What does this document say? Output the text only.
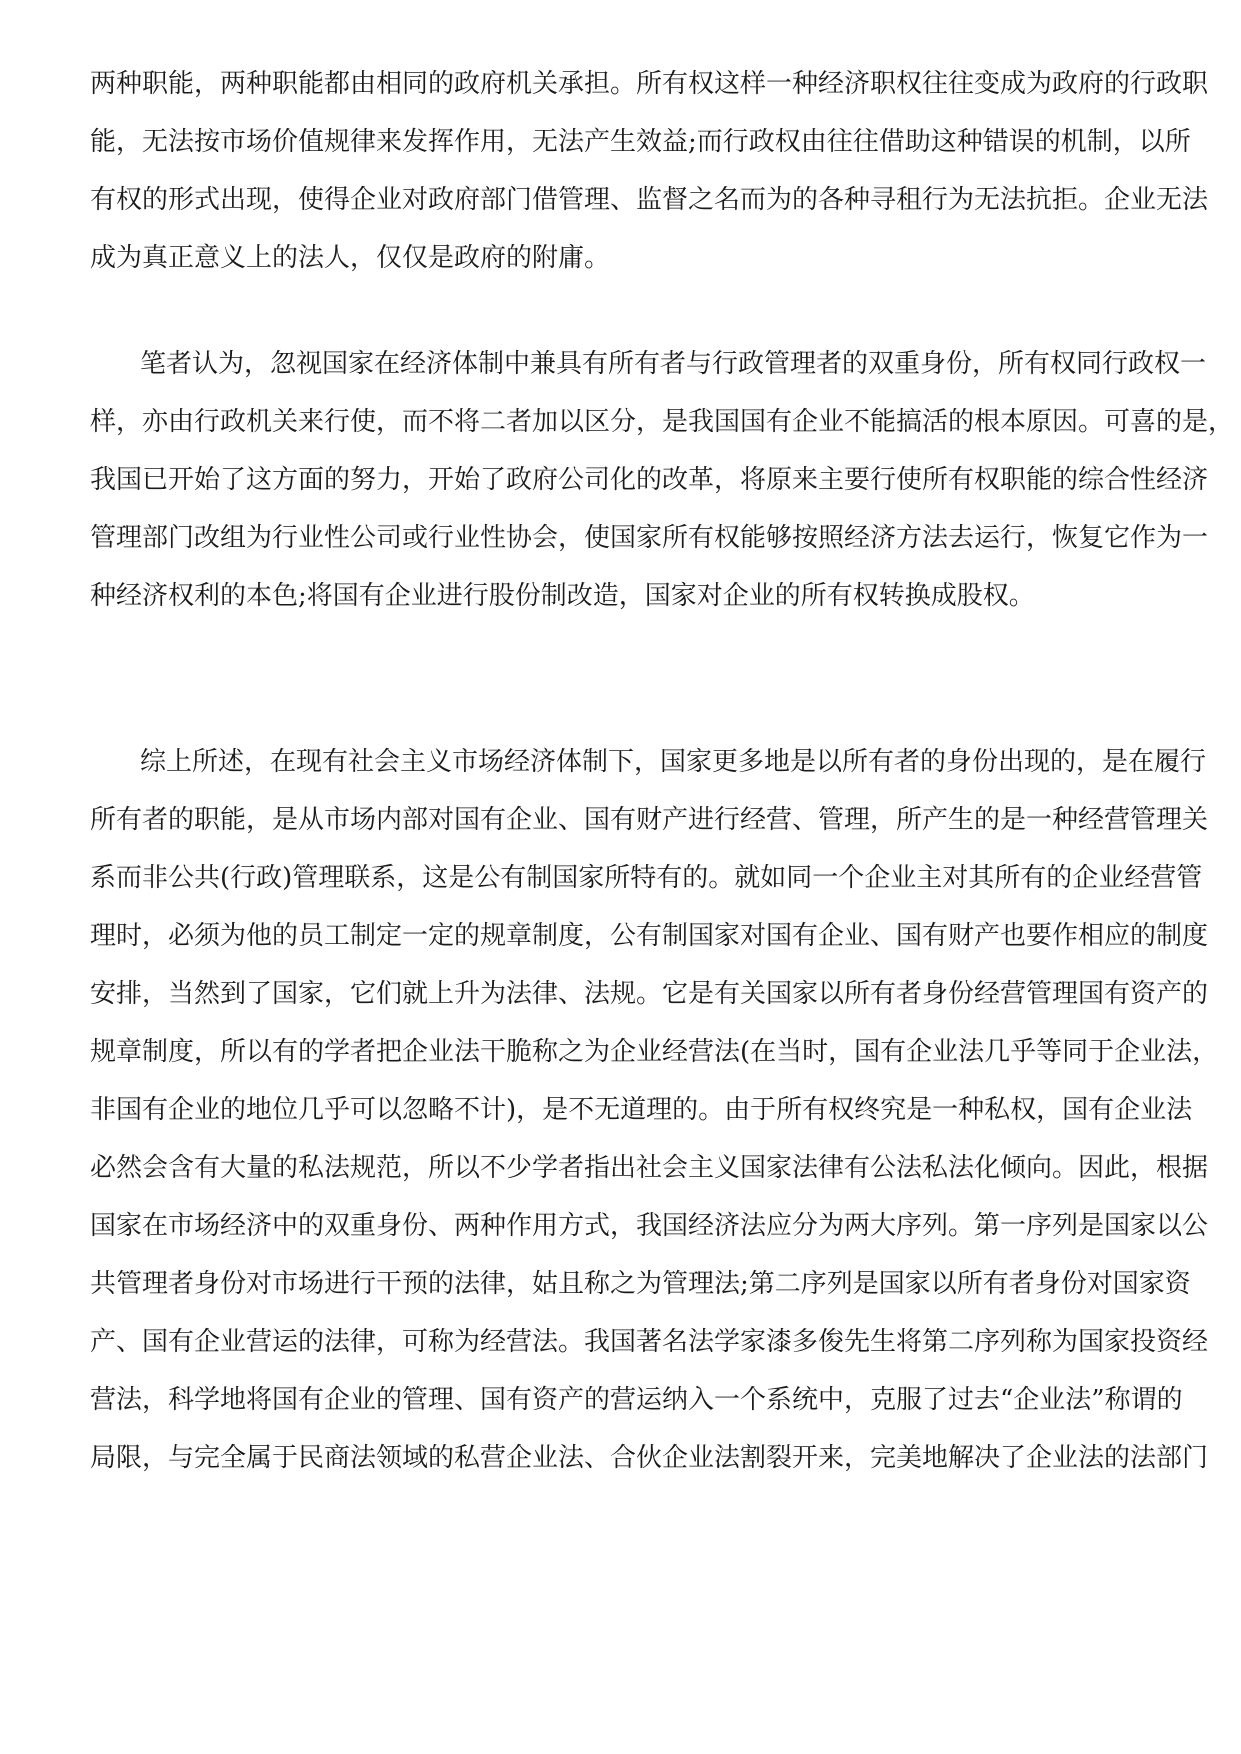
两种职能，两种职能都由相同的政府机关承担。所有权这样一种经济职权往往变成为政府的行政职
能，无法按市场价值规律来发挥作用，无法产生效益;而行政权由往往借助这种错误的机制，以所
有权的形式出现，使得企业对政府部门借管理、监督之名而为的各种寻租行为无法抗拒。企业无法
成为真正意义上的法人，仅仅是政府的附庸。
笔者认为，忽视国家在经济体制中兼具有所有者与行政管理者的双重身份，所有权同行政权一
样，亦由行政机关来行使，而不将二者加以区分，是我国国有企业不能搞活的根本原因。可喜的是，
我国已开始了这方面的努力，开始了政府公司化的改革，将原来主要行使所有权职能的综合性经济
管理部门改组为行业性公司或行业性协会，使国家所有权能够按照经济方法去运行，恢复它作为一
种经济权利的本色;将国有企业进行股份制改造，国家对企业的所有权转换成股权。
综上所述，在现有社会主义市场经济体制下，国家更多地是以所有者的身份出现的，是在履行
所有者的职能，是从市场内部对国有企业、国有财产进行经营、管理，所产生的是一种经营管理关
系而非公共(行政)管理联系，这是公有制国家所特有的。就如同一个企业主对其所有的企业经营管
理时，必须为他的员工制定一定的规章制度，公有制国家对国有企业、国有财产也要作相应的制度
安排，当然到了国家，它们就上升为法律、法规。它是有关国家以所有者身份经营管理国有资产的
规章制度，所以有的学者把企业法干脆称之为企业经营法(在当时，国有企业法几乎等同于企业法，
非国有企业的地位几乎可以忽略不计)，是不无道理的。由于所有权终究是一种私权，国有企业法
必然会含有大量的私法规范，所以不少学者指出社会主义国家法律有公法私法化倾向。因此，根据
国家在市场经济中的双重身份、两种作用方式，我国经济法应分为两大序列。第一序列是国家以公
共管理者身份对市场进行干预的法律，姑且称之为管理法;第二序列是国家以所有者身份对国家资
产、国有企业营运的法律，可称为经营法。我国著名法学家漆多俊先生将第二序列称为国家投资经
营法，科学地将国有企业的管理、国有资产的营运纳入一个系统中，克服了过去“企业法”称谓的
局限，与完全属于民商法领域的私营企业法、合伙企业法割裂开来，完美地解决了企业法的法部门
